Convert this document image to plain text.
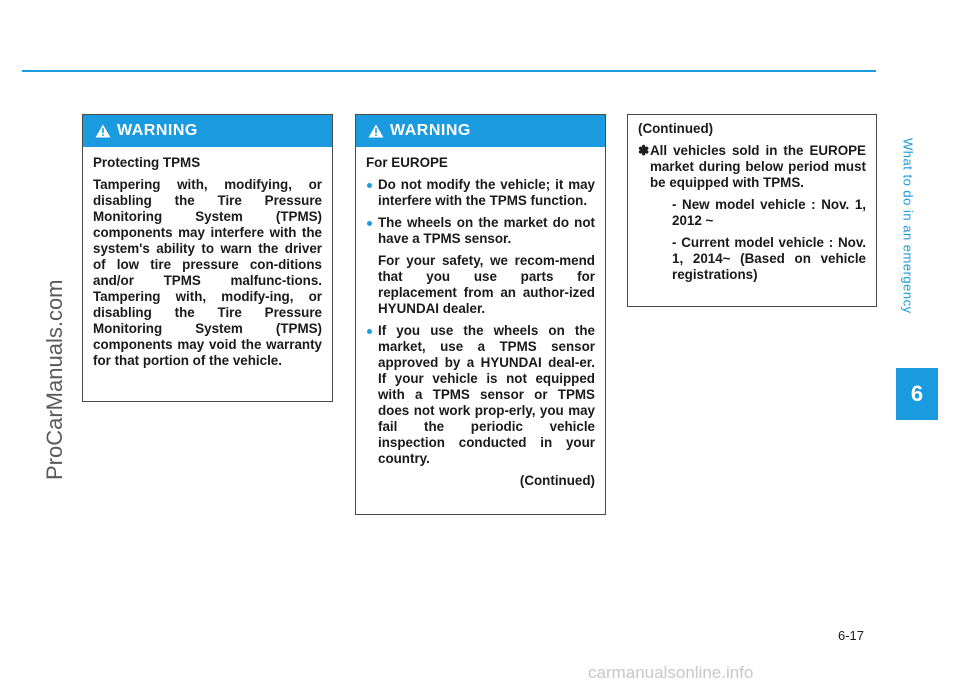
What to do in an emergency
6
ProCarManuals.com
WARNING

Protecting TPMS

Tampering with, modifying, or disabling the Tire Pressure Monitoring System (TPMS) components may interfere with the system's ability to warn the driver of low tire pressure con-ditions and/or TPMS malfunc-tions. Tampering with, modify-ing, or disabling the Tire Pressure Monitoring System (TPMS) components may void the warranty for that portion of the vehicle.

WARNING

For EUROPE

Do not modify the vehicle; it may interfere with the TPMS function.
The wheels on the market do not have a TPMS sensor.
For your safety, we recom-mend that you use parts for replacement from an author-ized HYUNDAI dealer.
If you use the wheels on the market, use a TPMS sensor approved by a HYUNDAI deal-er. If your vehicle is not equipped with a TPMS sensor or TPMS does not work prop-erly, you may fail the periodic vehicle inspection conducted in your country.

(Continued)

(Continued)

✽ All vehicles sold in the EUROPE market during below period must be equipped with TPMS.
- New model vehicle : Nov. 1, 2012 ~
- Current model vehicle : Nov. 1, 2014~ (Based on vehicle registrations)
6-17
carmanualsonline.info
